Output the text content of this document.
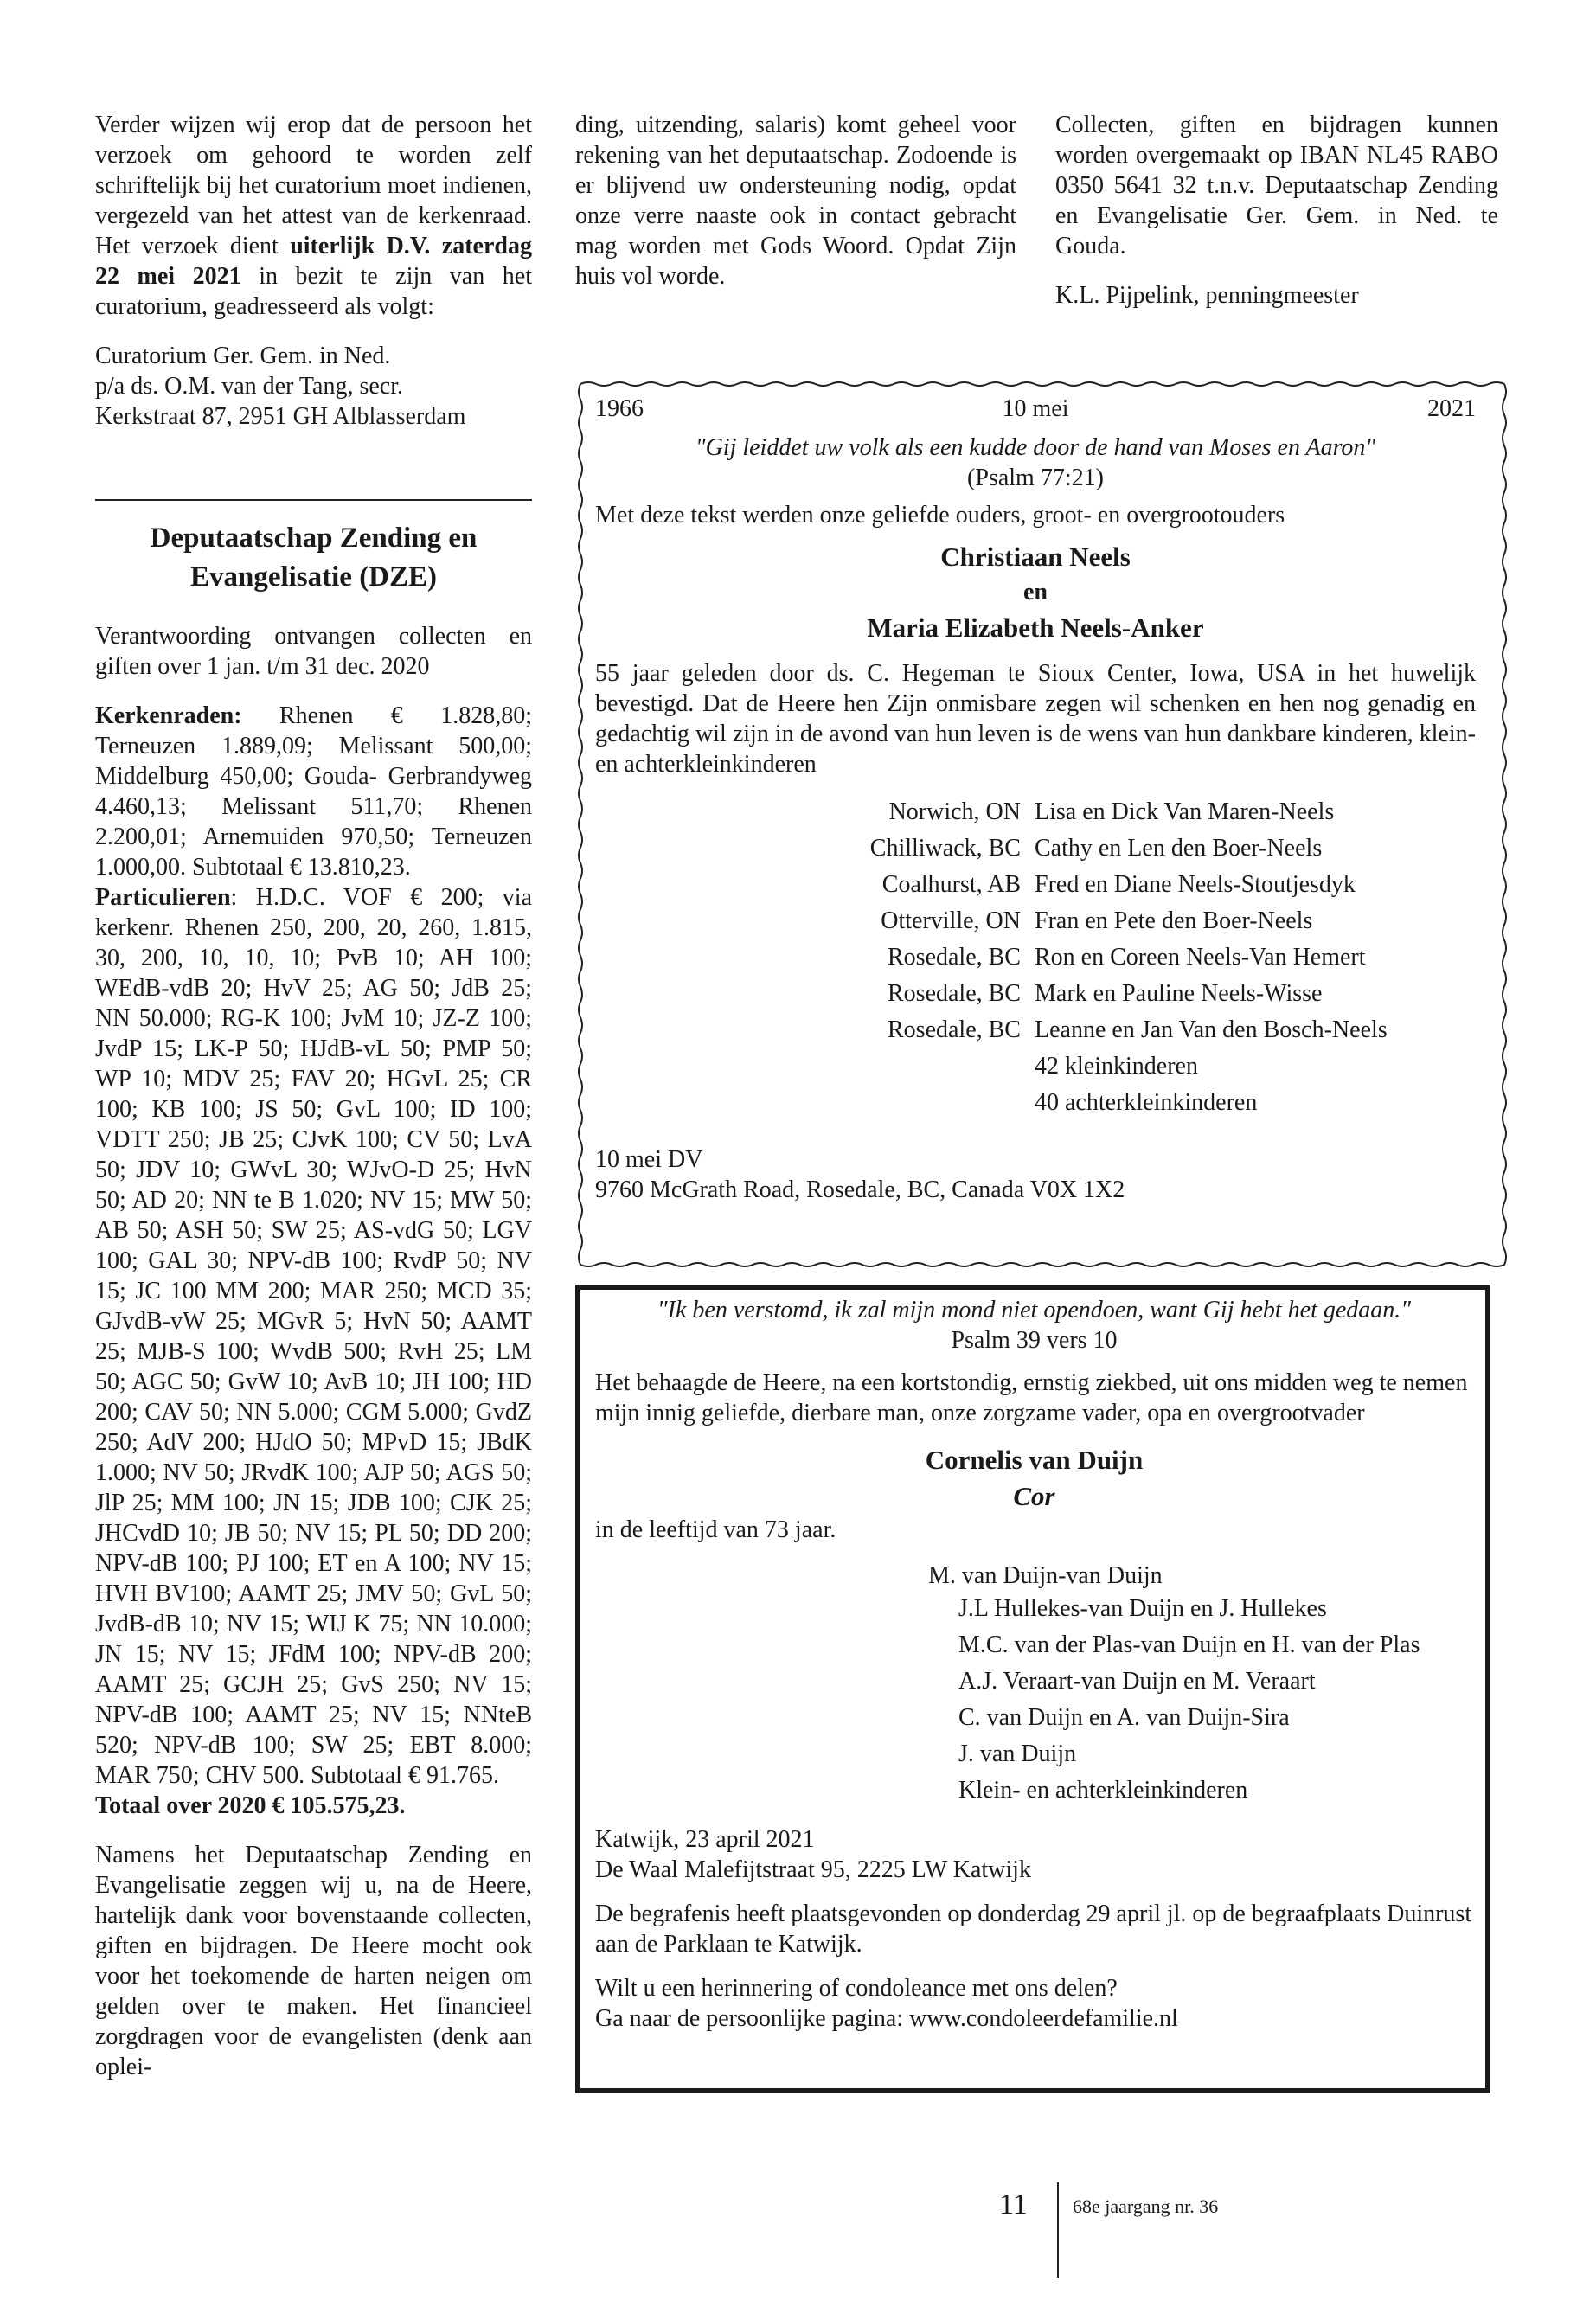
Verder wijzen wij erop dat de persoon het verzoek om gehoord te worden zelf schriftelijk bij het curatorium moet indienen, vergezeld van het attest van de kerkenraad. Het verzoek dient uiterlijk D.V. zaterdag 22 mei 2021 in bezit te zijn van het curatorium, geadresseerd als volgt:

Curatorium Ger. Gem. in Ned.

p/a ds. O.M. van der Tang, secr.

Kerkstraat 87, 2951 GH Alblasserdam

Deputaatschap Zending en
Evangelisatie (DZE)

Verantwoording ontvangen collecten en giften over 1 jan. t/m 31 dec. 2020

Kerkenraden: Rhenen € 1.828,80; Terneuzen 1.889,09; Melissant 500,00; Middelburg 450,00; Gouda- Gerbrandyweg 4.460,13; Melissant 511,70; Rhenen 2.200,01; Arnemuiden 970,50; Terneuzen 1.000,00. Subtotaal € 13.810,23.

Particulieren: H.D.C. VOF € 200; via kerkenr. Rhenen 250, 200, 20, 260, 1.815, 30, 200, 10, 10, 10; PvB 10; AH 100; WEdB-vdB 20; HvV 25; AG 50; JdB 25; NN 50.000; RG-K 100; JvM 10; JZ-Z 100; JvdP 15; LK-P 50; HJdB-vL 50; PMP 50; WP 10; MDV 25; FAV 20; HGvL 25; CR 100; KB 100; JS 50; GvL 100; ID 100; VDTT 250; JB 25; CJvK 100; CV 50; LvA 50; JDV 10; GWvL 30; WJvO-D 25; HvN 50; AD 20; NN te B 1.020; NV 15; MW 50; AB 50; ASH 50; SW 25; AS-vdG 50; LGV 100; GAL 30; NPV-dB 100; RvdP 50; NV 15; JC 100 MM 200; MAR 250; MCD 35; GJvdB-vW 25; MGvR 5; HvN 50; AAMT 25; MJB-S 100; WvdB 500; RvH 25; LM 50; AGC 50; GvW 10; AvB 10; JH 100; HD 200; CAV 50; NN 5.000; CGM 5.000; GvdZ 250; AdV 200; HJdO 50; MPvD 15; JBdK 1.000; NV 50; JRvdK 100; AJP 50; AGS 50; JlP 25; MM 100; JN 15; JDB 100; CJK 25; JHCvdD 10; JB 50; NV 15; PL 50; DD 200; NPV-dB 100; PJ 100; ET en A 100; NV 15; HVH BV100; AAMT 25; JMV 50; GvL 50; JvdB-dB 10; NV 15; WIJ K 75; NN 10.000; JN 15; NV 15; JFdM 100; NPV-dB 200; AAMT 25; GCJH 25; GvS 250; NV 15; NPV-dB 100; AAMT 25; NV 15; NNteB 520; NPV-dB 100; SW 25; EBT 8.000; MAR 750; CHV 500. Subtotaal € 91.765.

Totaal over 2020 € 105.575,23.

Namens het Deputaatschap Zending en Evangelisatie zeggen wij u, na de Heere, hartelijk dank voor bovenstaande collecten, giften en bijdragen. De Heere mocht ook voor het toekomende de harten neigen om gelden over te maken. Het financieel zorgdragen voor de evangelisten (denk aan oplei-

ding, uitzending, salaris) komt geheel voor rekening van het deputaatschap. Zodoende is er blijvend uw ondersteuning nodig, opdat onze verre naaste ook in contact gebracht mag worden met Gods Woord. Opdat Zijn huis vol worde.

Collecten, giften en bijdragen kunnen worden overgemaakt op IBAN NL45 RABO 0350 5641 32 t.n.v. Deputaatschap Zending en Evangelisatie Ger. Gem. in Ned. te Gouda.

K.L. Pijpelink, penningmeester

1966	10 mei	2021
"Gij leiddet uw volk als een kudde door de hand van Moses en Aaron"
(Psalm 77:21)
Met deze tekst werden onze geliefde ouders, groot- en overgrootouders
Christiaan Neels
en
Maria Elizabeth Neels-Anker
55 jaar geleden door ds. C. Hegeman te Sioux Center, Iowa, USA in het huwelijk bevestigd. Dat de Heere hen Zijn onmisbare zegen wil schenken en hen nog genadig en gedachtig wil zijn in de avond van hun leven is de wens van hun dankbare kinderen, klein- en achterkleinkinderen
Norwich, ON	Lisa en Dick Van Maren-Neels
Chilliwack, BC	Cathy en Len den Boer-Neels
Coalhurst, AB	Fred en Diane Neels-Stoutjesdyk
Otterville, ON	Fran en Pete den Boer-Neels
Rosedale, BC	Ron en Coreen Neels-Van Hemert
Rosedale, BC	Mark en Pauline Neels-Wisse
Rosedale, BC	Leanne en Jan Van den Bosch-Neels
	42 kleinkinderen
	40 achterkleinkinderen
10 mei DV
9760 McGrath Road, Rosedale, BC, Canada V0X 1X2
"Ik ben verstomd, ik zal mijn mond niet opendoen, want Gij hebt het gedaan."
Psalm 39 vers 10
Het behaagde de Heere, na een kortstondig, ernstig ziekbed, uit ons midden weg te nemen mijn innig geliefde, dierbare man, onze zorgzame vader, opa en overgrootvader
Cornelis van Duijn
Cor
in de leeftijd van 73 jaar.
M. van Duijn-van Duijn
J.L Hullekes-van Duijn en J. Hullekes
M.C. van der Plas-van Duijn en H. van der Plas
A.J. Veraart-van Duijn en M. Veraart
C. van Duijn en A. van Duijn-Sira
J. van Duijn
Klein- en achterkleinkinderen
Katwijk, 23 april 2021
De Waal Malefijtstraat 95, 2225 LW Katwijk
De begrafenis heeft plaatsgevonden op donderdag 29 april jl. op de begraafplaats Duinrust aan de Parklaan te Katwijk.
Wilt u een herinnering of condoleance met ons delen?
Ga naar de persoonlijke pagina: www.condoleerdefamilie.nl
11 68e jaargang nr. 36
